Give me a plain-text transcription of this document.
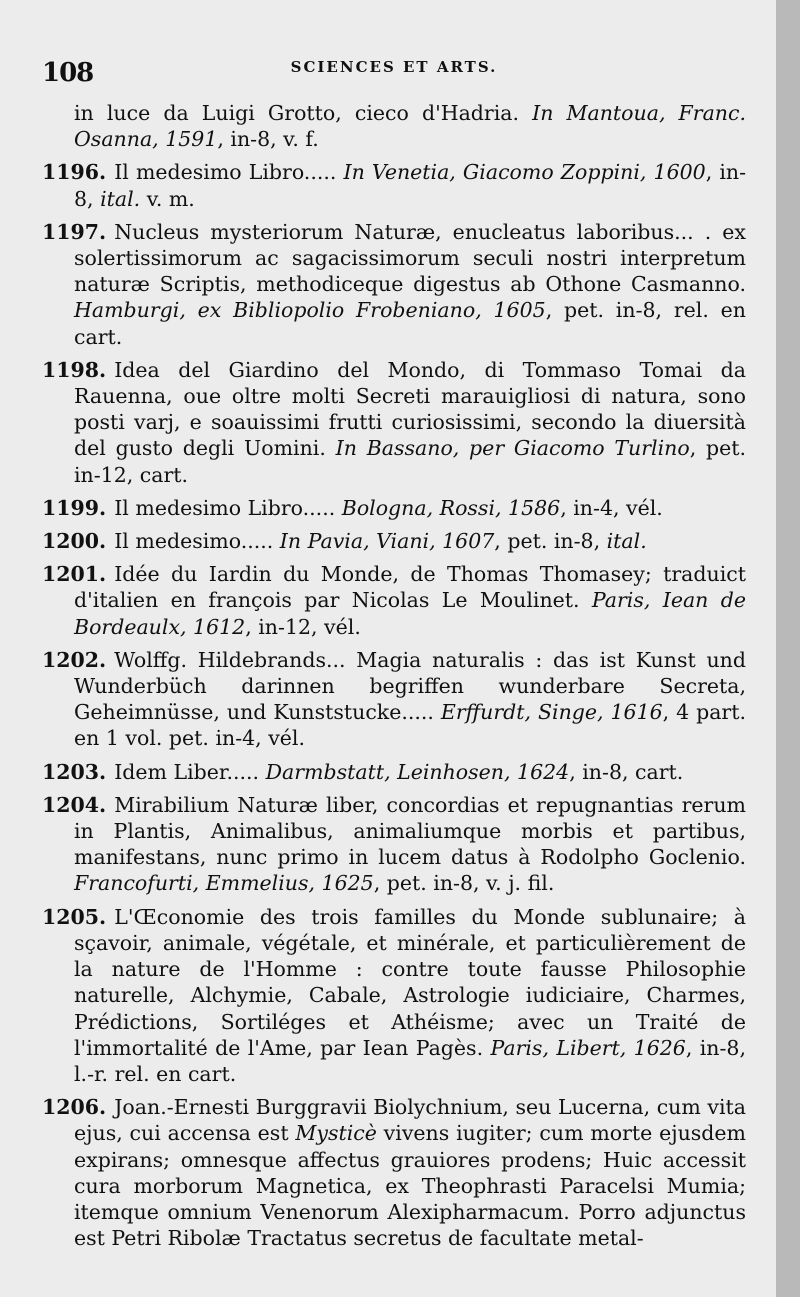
108	SCIENCES ET ARTS.

in luce da Luigi Grotto, cieco d'Hadria. In Mantoua, Franc. Osanna, 1591, in-8, v. f.

1196. Il medesimo Libro..... In Venetia, Giacomo Zoppini, 1600, in-8, ital. v. m.

1197. Nucleus mysteriorum Naturæ, enucleatus laboribus... . ex solertissimorum ac sagacissimorum seculi nostri interpretum naturæ Scriptis, methodiceque digestus ab Othone Casmanno. Hamburgi, ex Bibliopolio Frobeniano, 1605, pet. in-8, rel. en cart.

1198. Idea del Giardino del Mondo, di Tommaso Tomai da Rauenna, oue oltre molti Secreti marauigliosi di natura, sono posti varj, e soauissimi frutti curiosissimi, secondo la diuersità del gusto degli Uomini. In Bassano, per Giacomo Turlino, pet. in-12, cart.

1199. Il medesimo Libro..... Bologna, Rossi, 1586, in-4, vél.

1200. Il medesimo..... In Pavia, Viani, 1607, pet. in-8, ital.

1201. Idée du Iardin du Monde, de Thomas Thomasey; traduict d'italien en françois par Nicolas Le Moulinet. Paris, Iean de Bordeaulx, 1612, in-12, vél.

1202. Wolffg. Hildebrands... Magia naturalis : das ist Kunst und Wunderbüch darinnen begriffen wunderbare Secreta, Geheimnüsse, und Kunststucke..... Erffurdt, Singe, 1616, 4 part. en 1 vol. pet. in-4, vél.

1203. Idem Liber..... Darmbstatt, Leinhosen, 1624, in-8, cart.

1204. Mirabilium Naturæ liber, concordias et repugnantias rerum in Plantis, Animalibus, animaliumque morbis et partibus, manifestans, nunc primo in lucem datus à Rodolpho Goclenio. Francofurti, Emmelius, 1625, pet. in-8, v. j. fil.

1205. L'Œconomie des trois familles du Monde sublunaire; à sçavoir, animale, végétale, et minérale, et particulièrement de la nature de l'Homme : contre toute fausse Philosophie naturelle, Alchymie, Cabale, Astrologie iudiciaire, Charmes, Prédictions, Sortiléges et Athéisme; avec un Traité de l'immortalité de l'Ame, par Iean Pagès. Paris, Libert, 1626, in-8, l.-r. rel. en cart.

1206. Joan.-Ernesti Burggravii Biolychnium, seu Lucerna, cum vita ejus, cui accensa est Mysticè vivens iugiter; cum morte ejusdem expirans; omnesque affectus grauiores prodens; Huic accessit cura morborum Magnetica, ex Theophrasti Paracelsi Mumia; itemque omnium Venenorum Alexipharmacum. Porro adjunctus est Petri Ribolæ Tractatus secretus de facultate metal-
